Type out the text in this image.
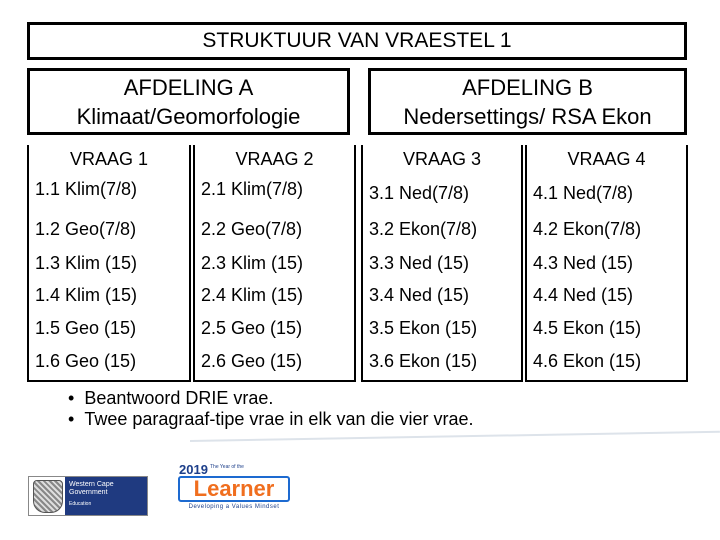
STRUKTUUR VAN VRAESTEL 1
AFDELING A
Klimaat/Geomorfologie
AFDELING B
Nedersettings/ RSA Ekon
VRAAG 1
1.1 Klim(7/8)
1.2 Geo(7/8)
1.3 Klim (15)
1.4 Klim (15)
1.5 Geo (15)
1.6 Geo (15)
VRAAG 2
2.1 Klim(7/8)
2.2 Geo(7/8)
2.3 Klim (15)
2.4 Klim (15)
2.5 Geo (15)
2.6 Geo (15)
VRAAG 3
3.1 Ned(7/8)
3.2 Ekon(7/8)
3.3 Ned (15)
3.4 Ned (15)
3.5 Ekon (15)
3.6 Ekon (15)
VRAAG 4
4.1 Ned(7/8)
4.2 Ekon(7/8)
4.3 Ned (15)
4.4 Ned (15)
4.5 Ekon (15)
4.6 Ekon (15)
• Beantwoord DRIE vrae.
• Twee paragraaf-tipe vrae in elk van die vier vrae.
Western Cape
Government
Education
2019 The Year of the
Learner
Developing a Values Mindset
